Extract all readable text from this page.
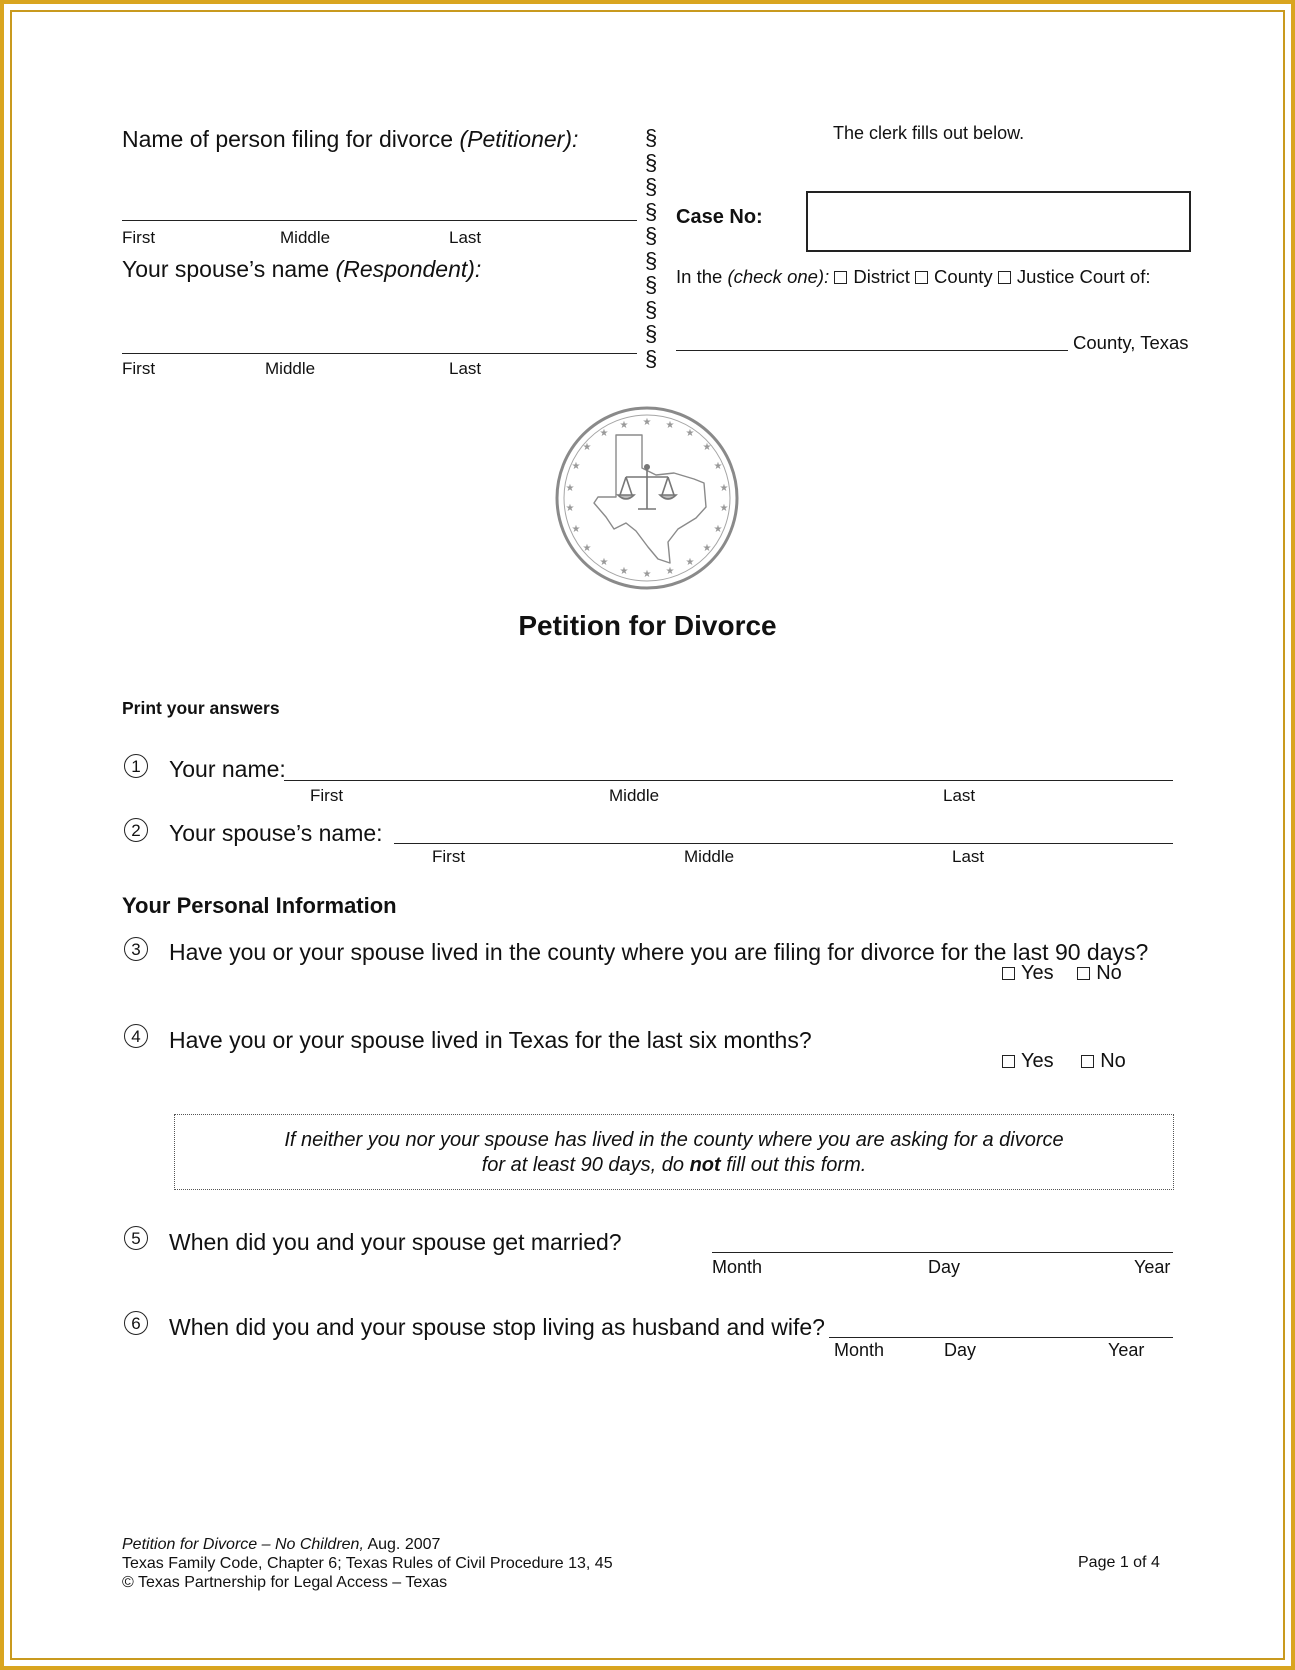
Name of person filing for divorce (Petitioner):
First	Middle	Last
Your spouse’s name (Respondent):
First	Middle	Last
§
§
§
§
§
§
§
§
§
§
The clerk fills out below.
Case No:
In the (check one): District County Justice Court of:
County, Texas
★ ★
★
★
★
★
★
★
★
★
★
★
★
★
★
★
★
★
★
★
★
★
Petition for Divorce
Print your answers
1	Your name:
First	Middle	Last
2	Your spouse’s name:
First	Middle	Last
Your Personal Information
3	Have you or your spouse lived in the county where you are filing for divorce for the last 90 days?
Yes No
4	Have you or your spouse lived in Texas for the last six months?
Yes No
If neither you nor your spouse has lived in the county where you are asking for a divorce
for at least 90 days, do not fill out this form.
5	When did you and your spouse get married?
Month	Day	Year
6	When did you and your spouse stop living as husband and wife?
Month	Day	Year
Petition for Divorce – No Children, Aug. 2007
Texas Family Code, Chapter 6; Texas Rules of Civil Procedure 13, 45
© Texas Partnership for Legal Access – Texas
Page 1 of 4
